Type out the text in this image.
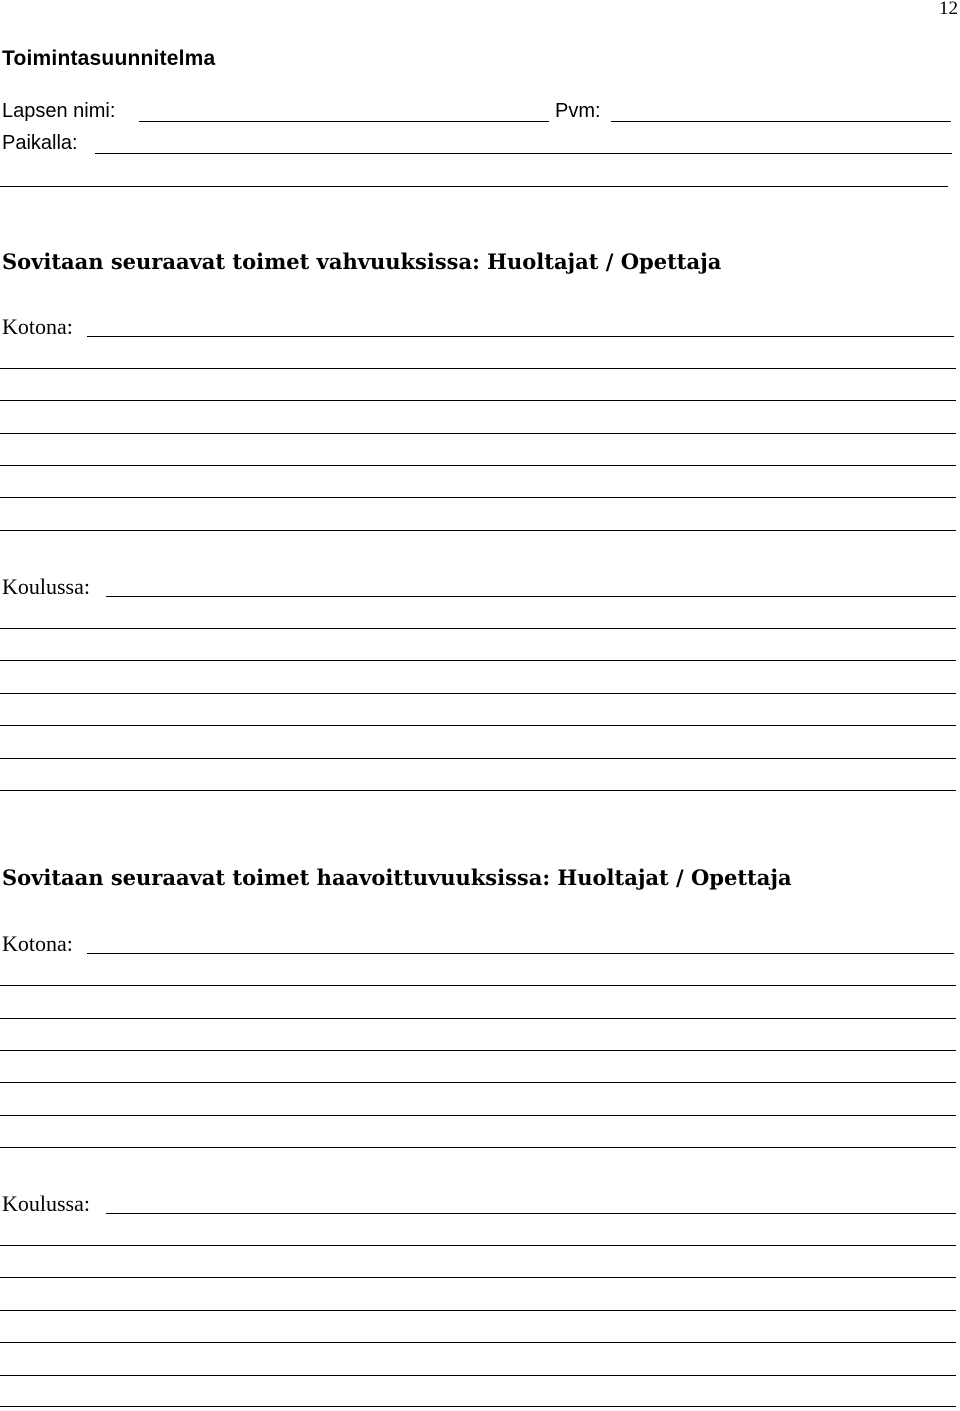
12
Toimintasuunnitelma
Lapsen nimi:	Pvm:
Paikalla:
Sovitaan seuraavat toimet vahvuuksissa: Huoltajat / Opettaja
Kotona:
Koulussa:
Sovitaan seuraavat toimet haavoittuvuuksissa: Huoltajat / Opettaja
Kotona:
Koulussa:
